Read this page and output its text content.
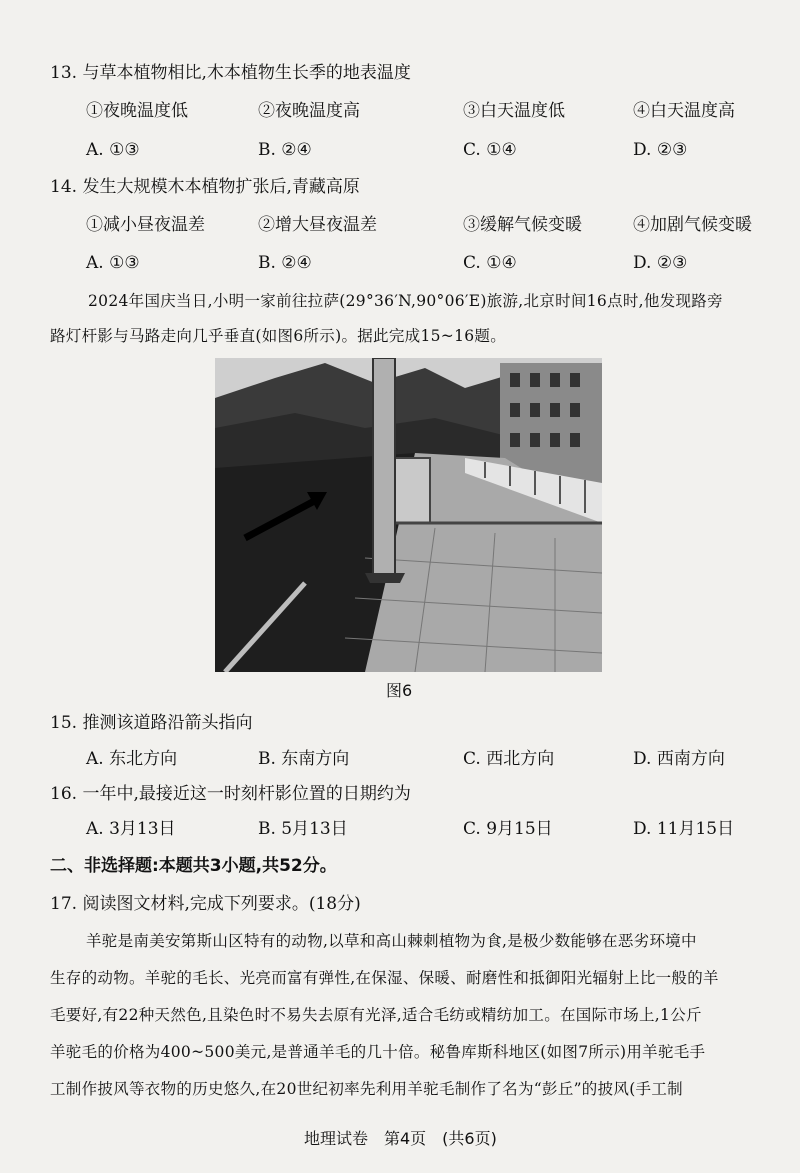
13. 与草本植物相比,木本植物生长季的地表温度
①夜晚温度低	②夜晚温度高	③白天温度低	④白天温度高
A. ①③	B. ②④	C. ①④	D. ②③
14. 发生大规模木本植物扩张后,青藏高原
①减小昼夜温差	②增大昼夜温差	③缓解气候变暖	④加剧气候变暖
A. ①③	B. ②④	C. ①④	D. ②③
2024年国庆当日,小明一家前往拉萨(29°36′N,90°06′E)旅游,北京时间16点时,他发现路旁
路灯杆影与马路走向几乎垂直(如图6所示)。据此完成15~16题。
图6
15. 推测该道路沿箭头指向
A. 东北方向	B. 东南方向	C. 西北方向	D. 西南方向
16. 一年中,最接近这一时刻杆影位置的日期约为
A. 3月13日	B. 5月13日	C. 9月15日	D. 11月15日
二、非选择题:本题共3小题,共52分。
17. 阅读图文材料,完成下列要求。(18分)
羊驼是南美安第斯山区特有的动物,以草和高山棘刺植物为食,是极少数能够在恶劣环境中
生存的动物。羊驼的毛长、光亮而富有弹性,在保湿、保暖、耐磨性和抵御阳光辐射上比一般的羊
毛要好,有22种天然色,且染色时不易失去原有光泽,适合毛纺或精纺加工。在国际市场上,1公斤
羊驼毛的价格为400~500美元,是普通羊毛的几十倍。秘鲁库斯科地区(如图7所示)用羊驼毛手
工制作披风等衣物的历史悠久,在20世纪初率先利用羊驼毛制作了名为“彭丘”的披风(手工制
地理试卷　第4页　(共6页)
